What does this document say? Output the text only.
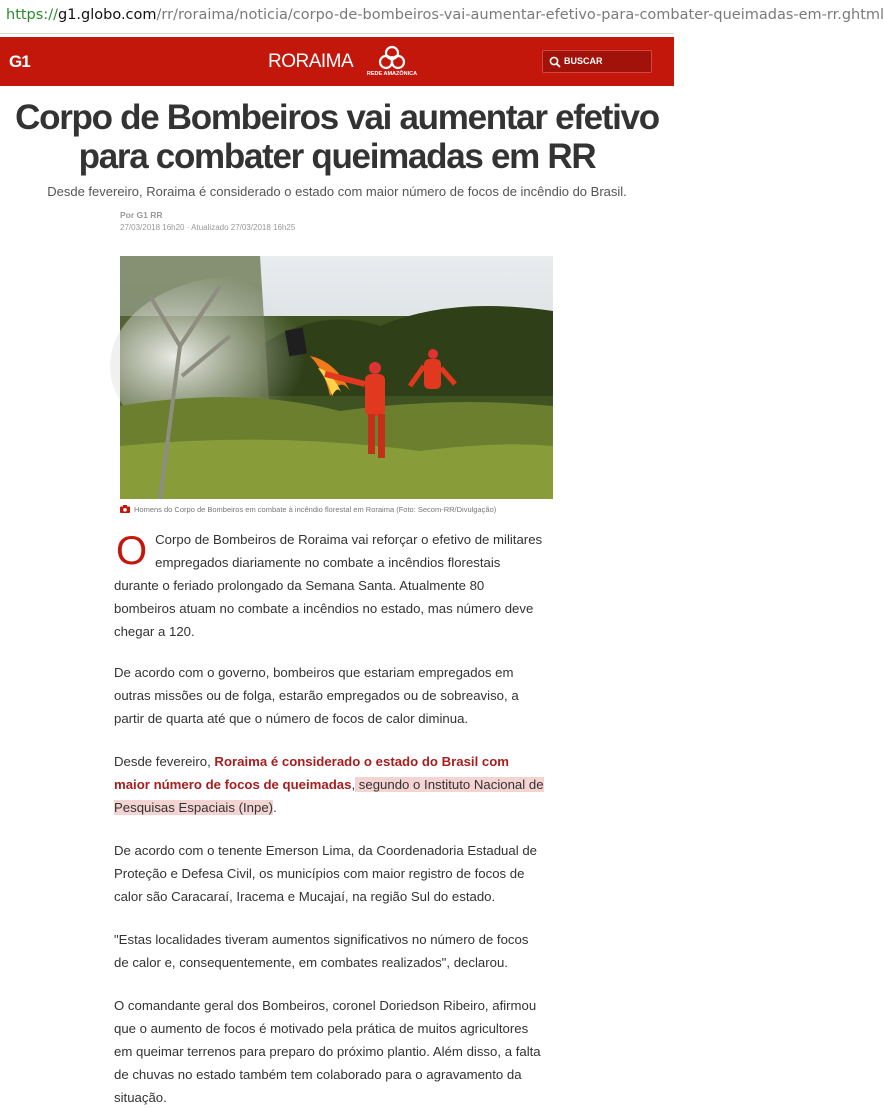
https://g1.globo.com/rr/roraima/noticia/corpo-de-bombeiros-vai-aumentar-efetivo-para-combater-queimadas-em-rr.ghtml
G1	RORAIMA
REDE AMAZÔNICA
BUSCAR
Corpo de Bombeiros vai aumentar efetivo para combater queimadas em RR
Desde fevereiro, Roraima é considerado o estado com maior número de focos de incêndio do Brasil.
Por G1 RR
27/03/2018 16h20 · Atualizado 27/03/2018 16h25
Homens do Corpo de Bombeiros em combate à incêndio florestal em Roraima (Foto: Secom-RR/Divulgação)
O Corpo de Bombeiros de Roraima vai reforçar o efetivo de militares
empregados diariamente no combate a incêndios florestais
durante o feriado prolongado da Semana Santa. Atualmente 80 bombeiros atuam no combate a incêndios no estado, mas número deve chegar a 120.

De acordo com o governo, bombeiros que estariam empregados em outras missões ou de folga, estarão empregados ou de sobreaviso, a partir de quarta até que o número de focos de calor diminua.

Desde fevereiro, Roraima é considerado o estado do Brasil com maior número de focos de queimadas, segundo o Instituto Nacional de Pesquisas Espaciais (Inpe).

De acordo com o tenente Emerson Lima, da Coordenadoria Estadual de Proteção e Defesa Civil, os municípios com maior registro de focos de calor são Caracaraí, Iracema e Mucajaí, na região Sul do estado.

"Estas localidades tiveram aumentos significativos no número de focos de calor e, consequentemente, em combates realizados", declarou.

O comandante geral dos Bombeiros, coronel Doriedson Ribeiro, afirmou que o aumento de focos é motivado pela prática de muitos agricultores em queimar terrenos para preparo do próximo plantio. Além disso, a falta de chuvas no estado também tem colaborado para o agravamento da situação.
